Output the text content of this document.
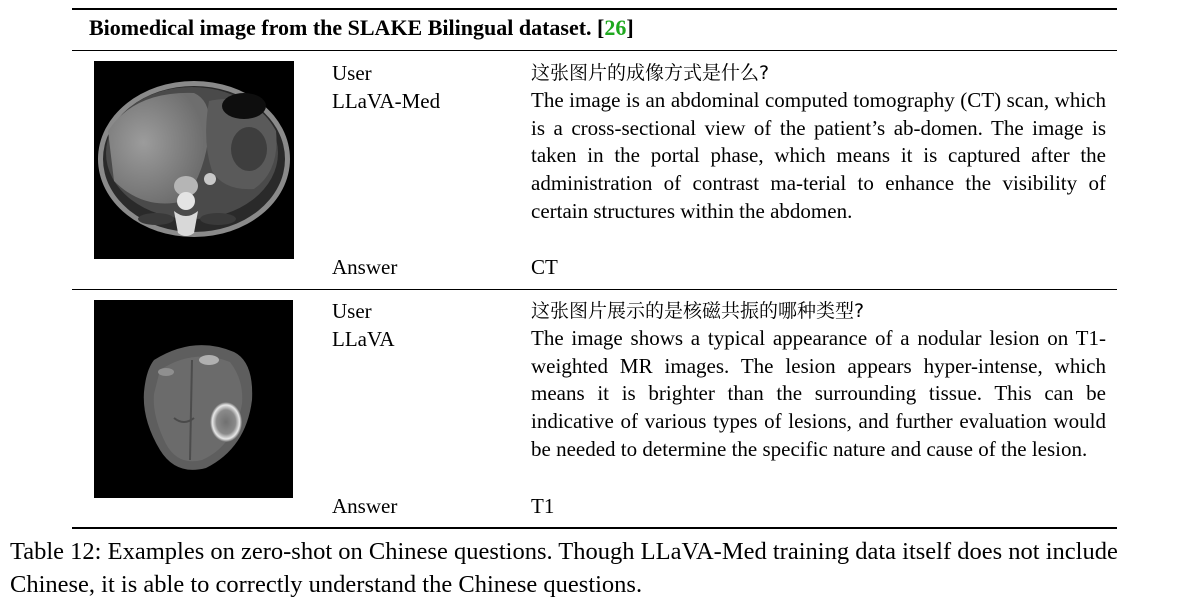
Biomedical image from the SLAKE Bilingual dataset. [26]
User	这张图片的成像方式是什么?
LLaVA-Med	The image is an abdominal computed tomography (CT) scan, which is a cross-sectional view of the patient’s ab-domen. The image is taken in the portal phase, which means it is captured after the administration of contrast ma-terial to enhance the visibility of certain structures within the abdomen.
Answer	CT
User	这张图片展示的是核磁共振的哪种类型?
LLaVA	The image shows a typical appearance of a nodular lesion on T1-weighted MR images. The lesion appears hyper-intense, which means it is brighter than the surrounding tissue. This can be indicative of various types of lesions, and further evaluation would be needed to determine the specific nature and cause of the lesion.
Answer	T1
Table 12: Examples on zero-shot on Chinese questions. Though LLaVA-Med training data itself does not include Chinese, it is able to correctly understand the Chinese questions.
